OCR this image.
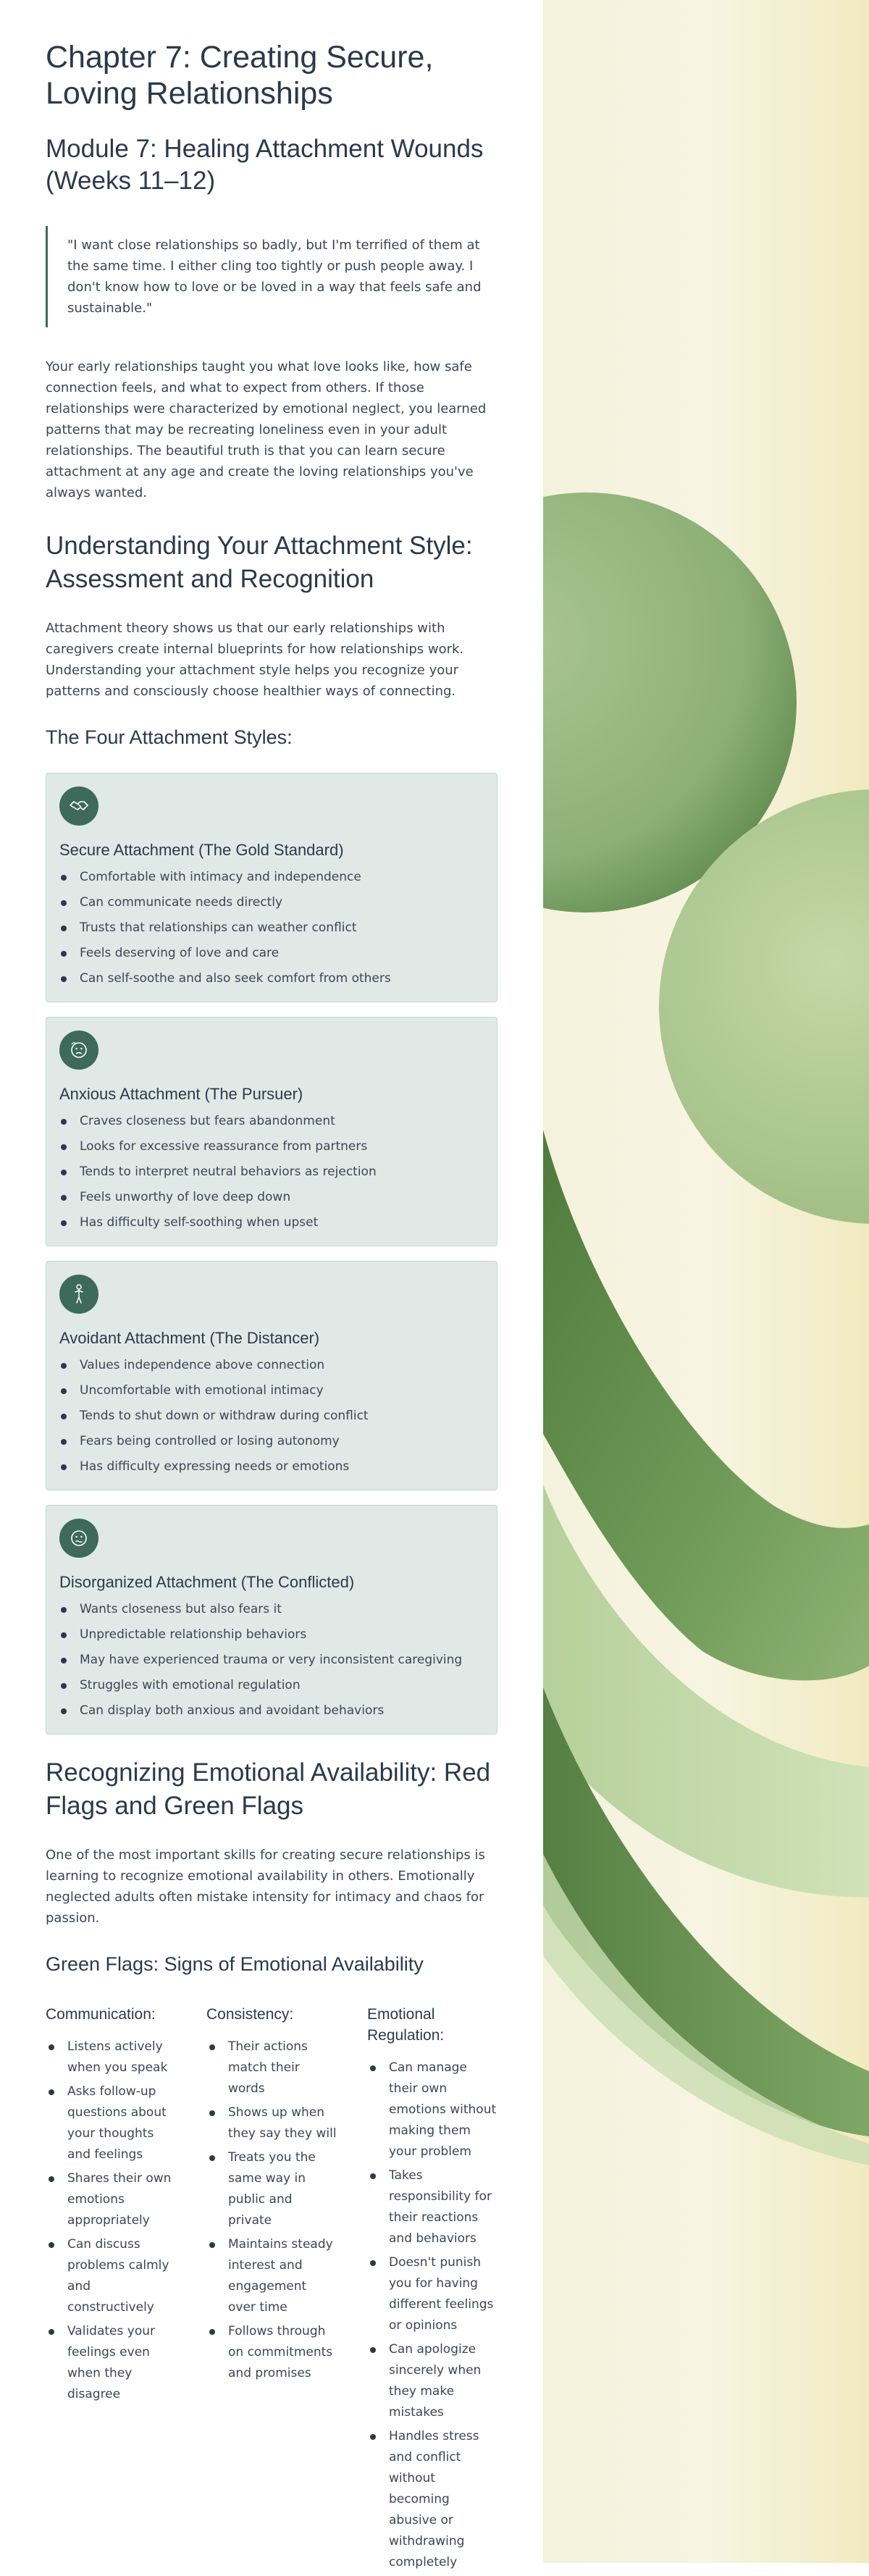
Chapter 7: Creating Secure, Loving Relationships
Module 7: Healing Attachment Wounds (Weeks 11–12)
"I want close relationships so badly, but I'm terrified of them at the same time. I either cling too tightly or push people away. I don't know how to love or be loved in a way that feels safe and sustainable."

Your early relationships taught you what love looks like, how safe connection feels, and what to expect from others. If those relationships were characterized by emotional neglect, you learned patterns that may be recreating loneliness even in your adult relationships. The beautiful truth is that you can learn secure attachment at any age and create the loving relationships you've always wanted.

Understanding Your Attachment Style: Assessment and Recognition

Attachment theory shows us that our early relationships with caregivers create internal blueprints for how relationships work. Understanding your attachment style helps you recognize your patterns and consciously choose healthier ways of connecting.

The Four Attachment Styles:
Secure Attachment (The Gold Standard)
Comfortable with intimacy and independence
Can communicate needs directly
Trusts that relationships can weather conflict
Feels deserving of love and care
Can self-soothe and also seek comfort from others
Anxious Attachment (The Pursuer)
Craves closeness but fears abandonment
Looks for excessive reassurance from partners
Tends to interpret neutral behaviors as rejection
Feels unworthy of love deep down
Has difficulty self-soothing when upset
Avoidant Attachment (The Distancer)
Values independence above connection
Uncomfortable with emotional intimacy
Tends to shut down or withdraw during conflict
Fears being controlled or losing autonomy
Has difficulty expressing needs or emotions
Disorganized Attachment (The Conflicted)
Wants closeness but also fears it
Unpredictable relationship behaviors
May have experienced trauma or very inconsistent caregiving
Struggles with emotional regulation
Can display both anxious and avoidant behaviors
Recognizing Emotional Availability: Red Flags and Green Flags

One of the most important skills for creating secure relationships is learning to recognize emotional availability in others. Emotionally neglected adults often mistake intensity for intimacy and chaos for passion.

Green Flags: Signs of Emotional Availability
Communication:
Listens actively when you speak
Asks follow-up questions about your thoughts and feelings
Shares their own emotions appropriately
Can discuss problems calmly and constructively
Validates your feelings even when they disagree
Consistency:
Their actions match their words
Shows up when they say they will
Treats you the same way in public and private
Maintains steady interest and engagement over time
Follows through on commitments and promises
Emotional Regulation:
Can manage their own emotions without making them your problem
Takes responsibility for their reactions and behaviors
Doesn't punish you for having different feelings or opinions
Can apologize sincerely when they make mistakes
Handles stress and conflict without becoming abusive or withdrawing completely
